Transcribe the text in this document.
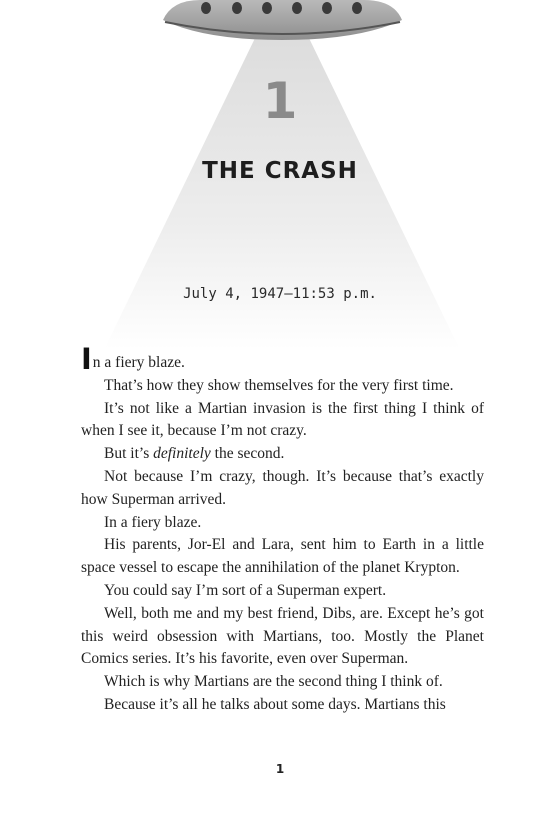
1
THE CRASH
July 4, 1947—11:53 p.m.

In a fiery blaze.

That’s how they show themselves for the very first time.

It’s not like a Martian invasion is the first thing I think of when I see it, because I’m not crazy.

But it’s definitely the second.

Not because I’m crazy, though. It’s because that’s exactly how Superman arrived.

In a fiery blaze.

His parents, Jor-El and Lara, sent him to Earth in a little space vessel to escape the annihilation of the planet Krypton.

You could say I’m sort of a Superman expert.

Well, both me and my best friend, Dibs, are. Except he’s got this weird obsession with Martians, too. Mostly the Planet Comics series. It’s his favorite, even over Superman.

Which is why Martians are the second thing I think of.

Because it’s all he talks about some days. Martians this

1
